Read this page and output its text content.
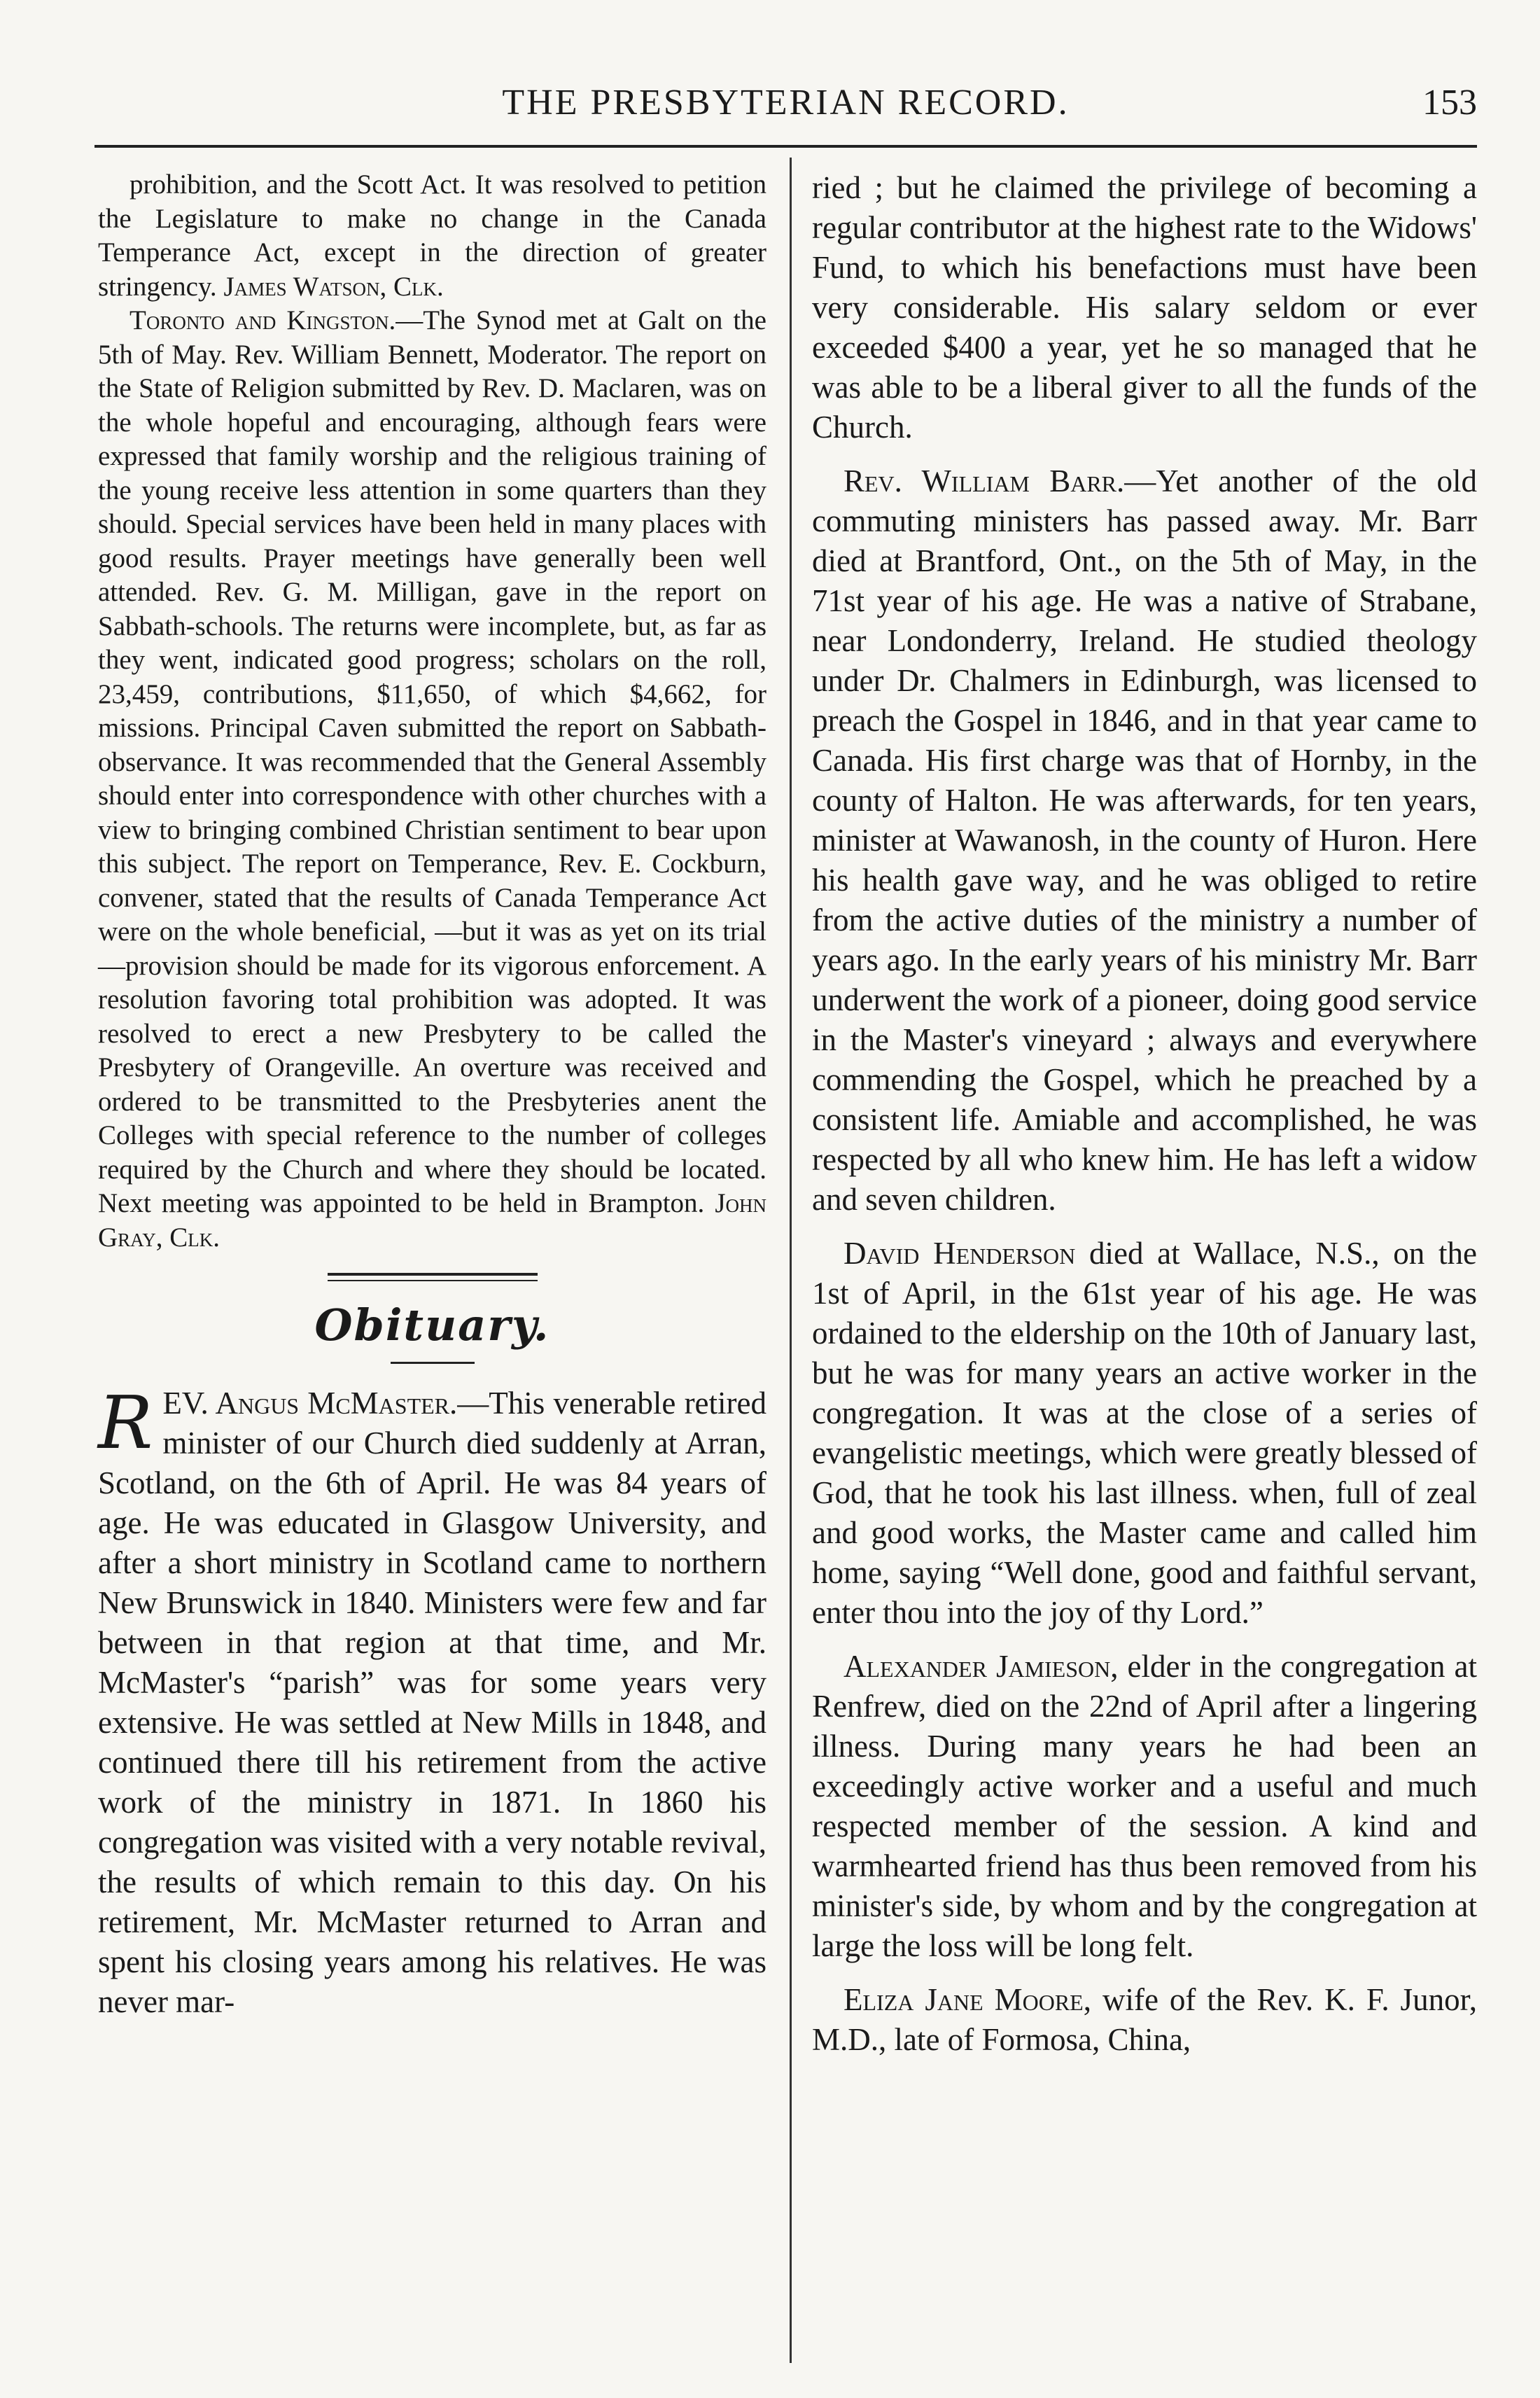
THE PRESBYTERIAN RECORD.	153

prohibition, and the Scott Act. It was resolved to petition the Legislature to make no change in the Canada Temperance Act, except in the direction of greater stringency. James Watson, Clk.

Toronto and Kingston.—The Synod met at Galt on the 5th of May. Rev. William Bennett, Moderator. The report on the State of Religion submitted by Rev. D. Maclaren, was on the whole hopeful and encouraging, although fears were expressed that family worship and the religious training of the young receive less attention in some quarters than they should. Special services have been held in many places with good results. Prayer meetings have generally been well attended. Rev. G. M. Milligan, gave in the report on Sabbath-schools. The returns were incomplete, but, as far as they went, indicated good progress; scholars on the roll, 23,459, contributions, $11,650, of which $4,662, for missions. Principal Caven submitted the report on Sabbath-observance. It was recommended that the General Assembly should enter into correspondence with other churches with a view to bringing combined Christian sentiment to bear upon this subject. The report on Temperance, Rev. E. Cockburn, convener, stated that the results of Canada Temperance Act were on the whole beneficial, —but it was as yet on its trial—provision should be made for its vigorous enforcement. A resolution favoring total prohibition was adopted. It was resolved to erect a new Presbytery to be called the Presbytery of Orangeville. An overture was received and ordered to be transmitted to the Presbyteries anent the Colleges with special reference to the number of colleges required by the Church and where they should be located. Next meeting was appointed to be held in Brampton. John Gray, Clk.

Obituary.

REV. Angus McMaster.—This venerable retired minister of our Church died suddenly at Arran, Scotland, on the 6th of April. He was 84 years of age. He was educated in Glasgow University, and after a short ministry in Scotland came to northern New Brunswick in 1840. Ministers were few and far between in that region at that time, and Mr. McMaster's “parish” was for some years very extensive. He was settled at New Mills in 1848, and continued there till his retirement from the active work of the ministry in 1871. In 1860 his congregation was visited with a very notable revival, the results of which remain to this day. On his retirement, Mr. McMaster returned to Arran and spent his closing years among his relatives. He was never mar-

ried ; but he claimed the privilege of becoming a regular contributor at the highest rate to the Widows' Fund, to which his benefactions must have been very considerable. His salary seldom or ever exceeded $400 a year, yet he so managed that he was able to be a liberal giver to all the funds of the Church.

Rev. William Barr.—Yet another of the old commuting ministers has passed away. Mr. Barr died at Brantford, Ont., on the 5th of May, in the 71st year of his age. He was a native of Strabane, near Londonderry, Ireland. He studied theology under Dr. Chalmers in Edinburgh, was licensed to preach the Gospel in 1846, and in that year came to Canada. His first charge was that of Hornby, in the county of Halton. He was afterwards, for ten years, minister at Wawanosh, in the county of Huron. Here his health gave way, and he was obliged to retire from the active duties of the ministry a number of years ago. In the early years of his ministry Mr. Barr underwent the work of a pioneer, doing good service in the Master's vineyard ; always and everywhere commending the Gospel, which he preached by a consistent life. Amiable and accomplished, he was respected by all who knew him. He has left a widow and seven children.

David Henderson died at Wallace, N.S., on the 1st of April, in the 61st year of his age. He was ordained to the eldership on the 10th of January last, but he was for many years an active worker in the congregation. It was at the close of a series of evangelistic meetings, which were greatly blessed of God, that he took his last illness. when, full of zeal and good works, the Master came and called him home, saying “Well done, good and faithful servant, enter thou into the joy of thy Lord.”

Alexander Jamieson, elder in the congregation at Renfrew, died on the 22nd of April after a lingering illness. During many years he had been an exceedingly active worker and a useful and much respected member of the session. A kind and warmhearted friend has thus been removed from his minister's side, by whom and by the congregation at large the loss will be long felt.

Eliza Jane Moore, wife of the Rev. K. F. Junor, M.D., late of Formosa, China,
